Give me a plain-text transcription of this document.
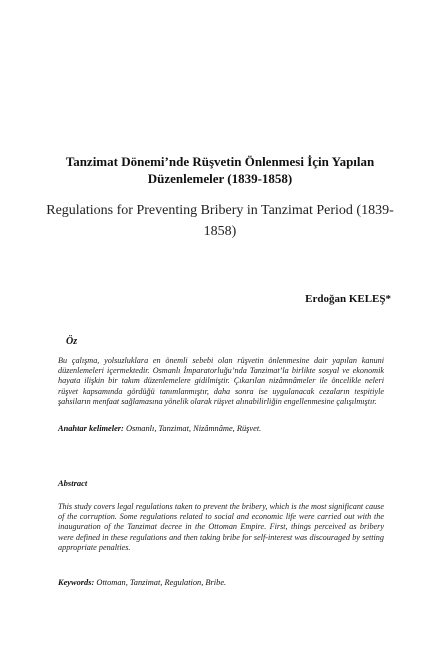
Tanzimat Dönemi’nde Rüşvetin Önlenmesi İçin Yapılan Düzenlemeler (1839-1858)
Regulations for Preventing Bribery in Tanzimat Period (1839-1858)
Erdoğan KELEŞ*
Öz
Bu çalışma, yolsuzluklara en önemli sebebi olan rüşvetin önlenmesine dair yapılan kanuni düzenlemeleri içermektedir. Osmanlı İmparatorluğu’nda Tanzimat’la birlikte sosyal ve ekonomik hayata ilişkin bir takım düzenlemelere gidilmiştir. Çıkarılan nizâmnâmeler ile öncelikle neleri rüşvet kapsamında gördüğü tanımlanmıştır, daha sonra ise uygulanacak cezaların tespitiyle şahsiların menfaat sağlamasına yönelik olarak rüşvet alınabilirliğin engellenmesine çalışılmıştır.
Anahtar kelimeler: Osmanlı, Tanzimat, Nizâmnâme, Rüşvet.
Abstract
This study covers legal regulations taken to prevent the bribery, which is the most significant cause of the corruption. Some regulations related to social and economic life were carried out with the inauguration of the Tanzimat decree in the Ottoman Empire. First, things perceived as bribery were defined in these regulations and then taking bribe for self-interest was discouraged by setting appropriate penalties.
Keywords: Ottoman, Tanzimat, Regulation, Bribe.
